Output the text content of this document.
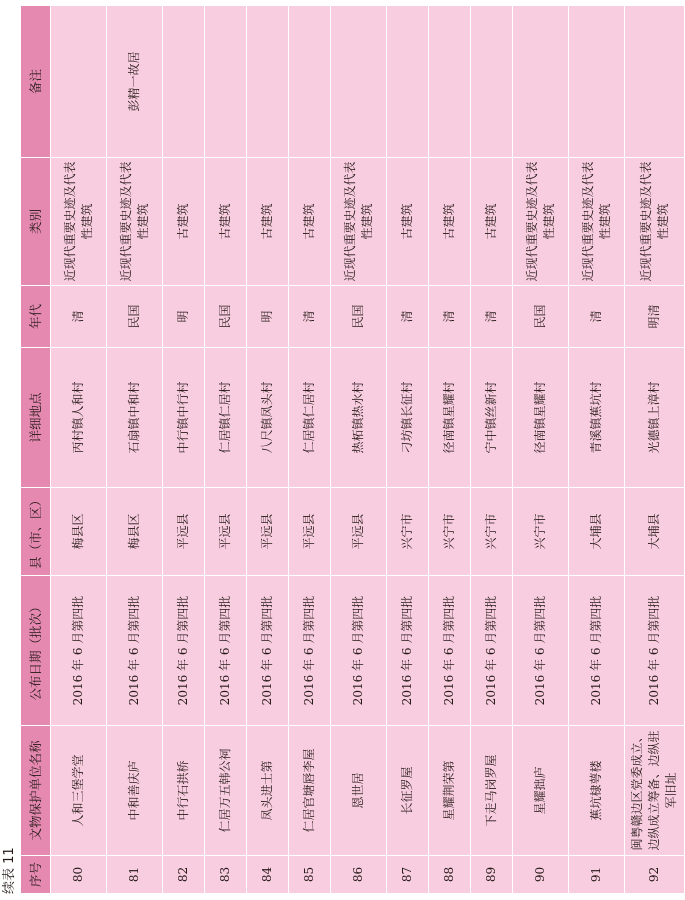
续表 11 序号	文物保护单位名称	公布日期（批次）	县（市、区）	详细地点	年代	类别	备注
80	人和三堡学堂	2016 年 6 月第四批	梅县区	丙村镇人和村	清	近现代重要史迹及代表性建筑	
81	中和善庆庐	2016 年 6 月第四批	梅县区	石扇镇中和村	民国	近现代重要史迹及代表性建筑	彭精一故居
82	中行石拱桥	2016 年 6 月第四批	平远县	中行镇中行村	明	古建筑	
83	仁居万五韩公祠	2016 年 6 月第四批	平远县	仁居镇仁居村	民国	古建筑	
84	凤头进士第	2016 年 6 月第四批	平远县	八尺镇凤头村	明	古建筑	
85	仁居官塘唇李屋	2016 年 6 月第四批	平远县	仁居镇仁居村	清	古建筑	
86	恩世居	2016 年 6 月第四批	平远县	热柘镇热水村	民国	近现代重要史迹及代表性建筑	
87	长征罗屋	2016 年 6 月第四批	兴宁市	刁坊镇长征村	清	古建筑	
88	星耀荆荣第	2016 年 6 月第四批	兴宁市	径南镇星耀村	清	古建筑	
89	下走马岗罗屋	2016 年 6 月第四批	兴宁市	宁中镇丝新村	清	古建筑	
90	星耀拙庐	2016 年 6 月第四批	兴宁市	径南镇星耀村	民国	近现代重要史迹及代表性建筑	
91	蕉坑棣萼楼	2016 年 6 月第四批	大埔县	青溪镇蕉坑村	清	近现代重要史迹及代表性建筑	
92	闽粤赣边区党委成立、边纵成立筹备、边纵驻军旧址	2016 年 6 月第四批	大埔县	光德镇上漳村	明清	近现代重要史迹及代表性建筑	
